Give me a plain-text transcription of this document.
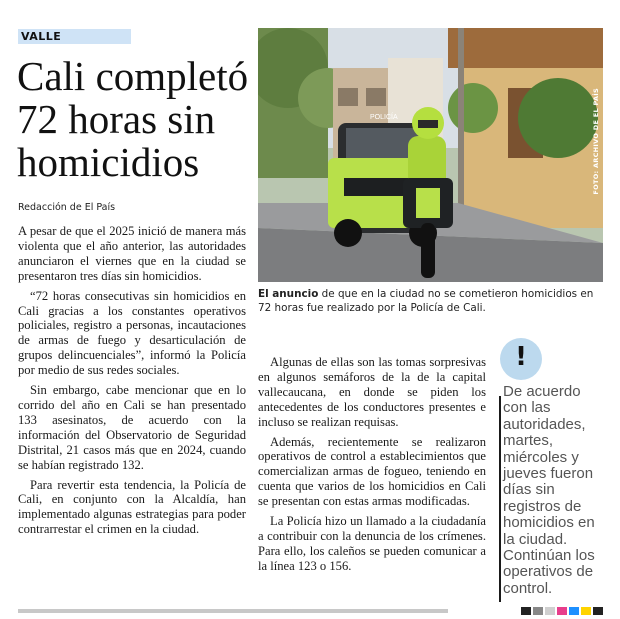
VALLE
Cali completó 72 horas sin homicidios
Redacción de El País

A pesar de que el 2025 inició de manera más violenta que el año anterior, las autoridades anunciaron el viernes que en la ciudad se presentaron tres días sin homicidios.

“72 horas consecutivas sin homicidios en Cali gracias a los constantes operativos policiales, registro a personas, incautaciones de armas de fuego y desarticulación de grupos delincuenciales”, informó la Policía por medio de sus redes sociales.

Sin embargo, cabe mencionar que en lo corrido del año en Cali se han presentado 133 asesinatos, de acuerdo con la información del Observatorio de Seguridad Distrital, 21 casos más que en 2024, cuando se habían registrado 132.

Para revertir esta tendencia, la Policía de Cali, en conjunto con la Alcaldía, han implementado algunas estrategias para poder contrarrestar el crimen en la ciudad.

POLICÍA	FOTO: ARCHIVO DE EL PAÍS
El anuncio de que en la ciudad no se cometieron homicidios en 72 horas fue realizado por la Policía de Cali.

Algunas de ellas son las tomas sorpresivas en algunos semáforos de la de la capital vallecaucana, en donde se piden los antecedentes de los conductores presentes e incluso se realizan requisas.

Además, recientemente se realizaron operativos de control a establecimientos que comercializan armas de fogueo, teniendo en cuenta que varios de los homicidios en Cali se presentan con estas armas modificadas.

La Policía hizo un llamado a la ciudadanía a contribuir con la denuncia de los crímenes. Para ello, los caleños se pueden comunicar a la línea 123 o 156.

!
De acuerdo con las autoridades, martes, miércoles y jueves fueron días sin registros de homicidios en la ciudad. Continúan los operativos de control.
